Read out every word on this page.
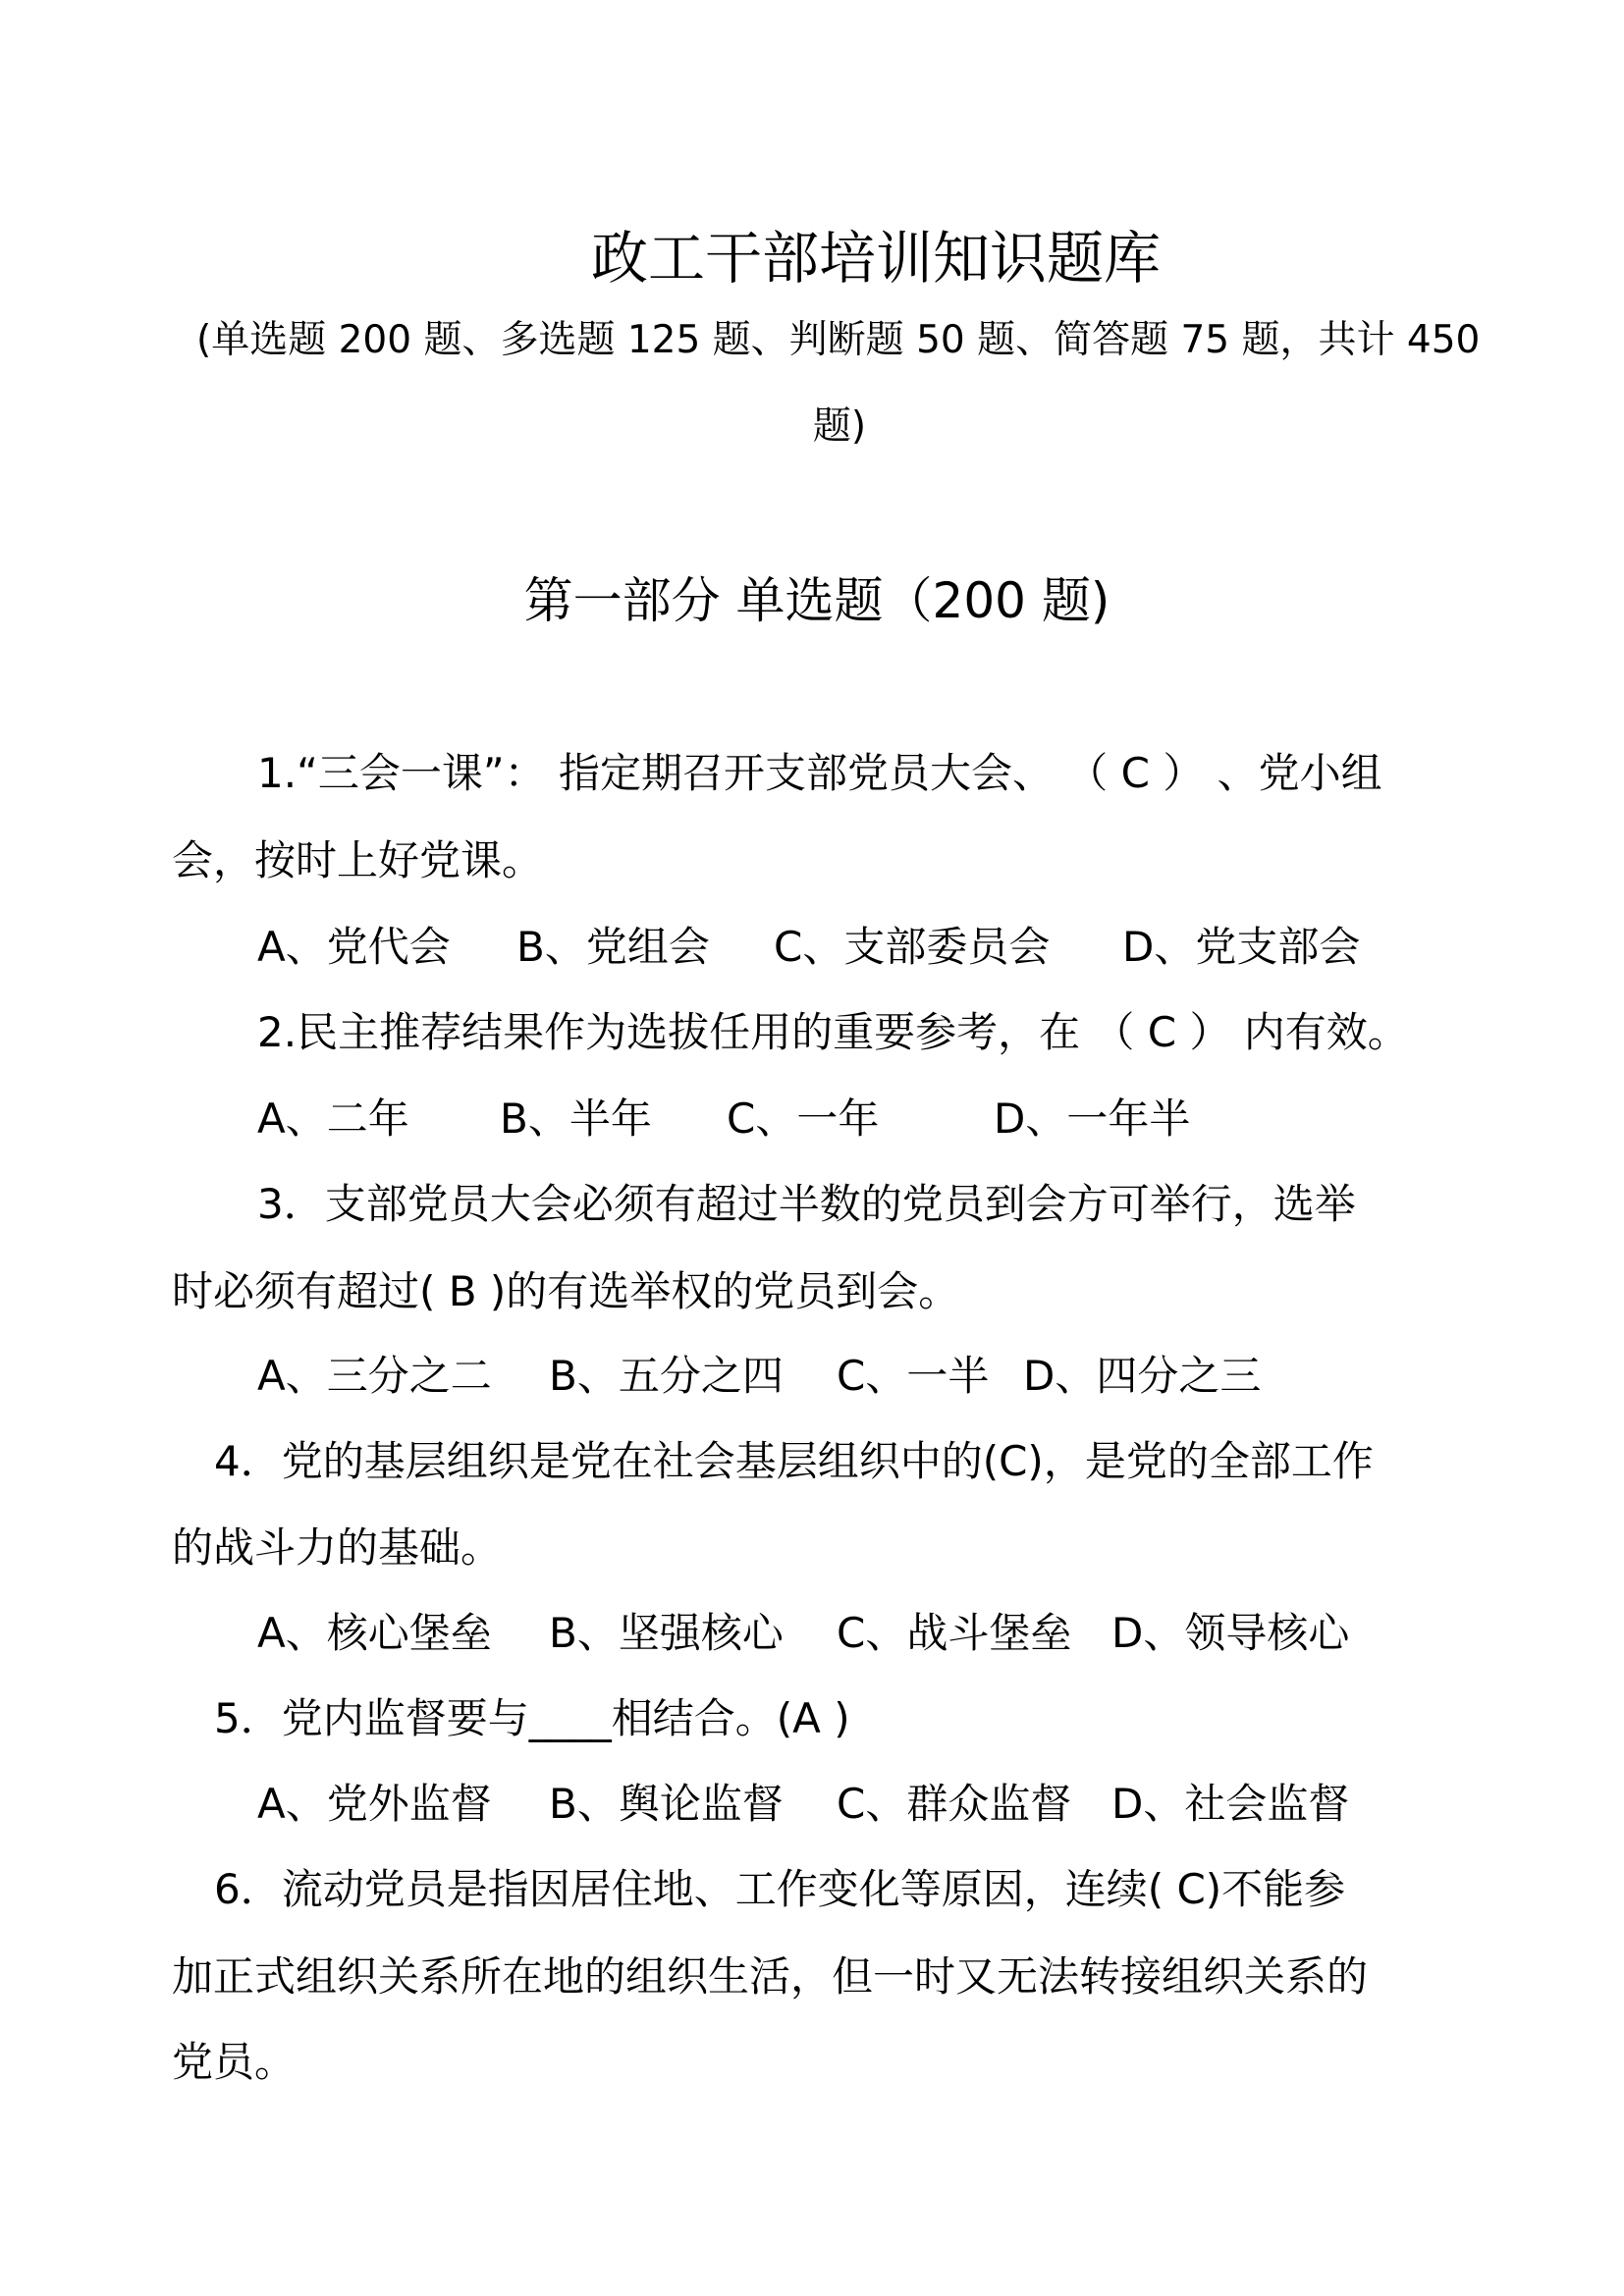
政工干部培训知识题库
(单选题 200 题、多选题 125 题、判断题 50 题、简答题 75 题，共计 450
题)
第一部分 单选题（200 题)
1.“三会一课”： 指定期召开支部党员大会、 （ C ） 、党小组
会，按时上好党课。
A、党代会 B、党组会 C、支部委员会 D、党支部会
2.民主推荐结果作为选拔任用的重要参考，在 （ C ） 内有效。
A、二年 B、半年 C、一年	D、一年半
3．支部党员大会必须有超过半数的党员到会方可举行，选举
时必须有超过( B )的有选举权的党员到会。
A、三分之二 B、五分之四 C、一半 D、四分之三
4．党的基层组织是党在社会基层组织中的(C)，是党的全部工作
的战斗力的基础。
A、核心堡垒 B、坚强核心 C、战斗堡垒 D、领导核心
5．党内监督要与____相结合。(A )
A、党外监督 B、舆论监督 C、群众监督 D、社会监督
6．流动党员是指因居住地、工作变化等原因，连续( C)不能参
加正式组织关系所在地的组织生活，但一时又无法转接组织关系的
党员。
